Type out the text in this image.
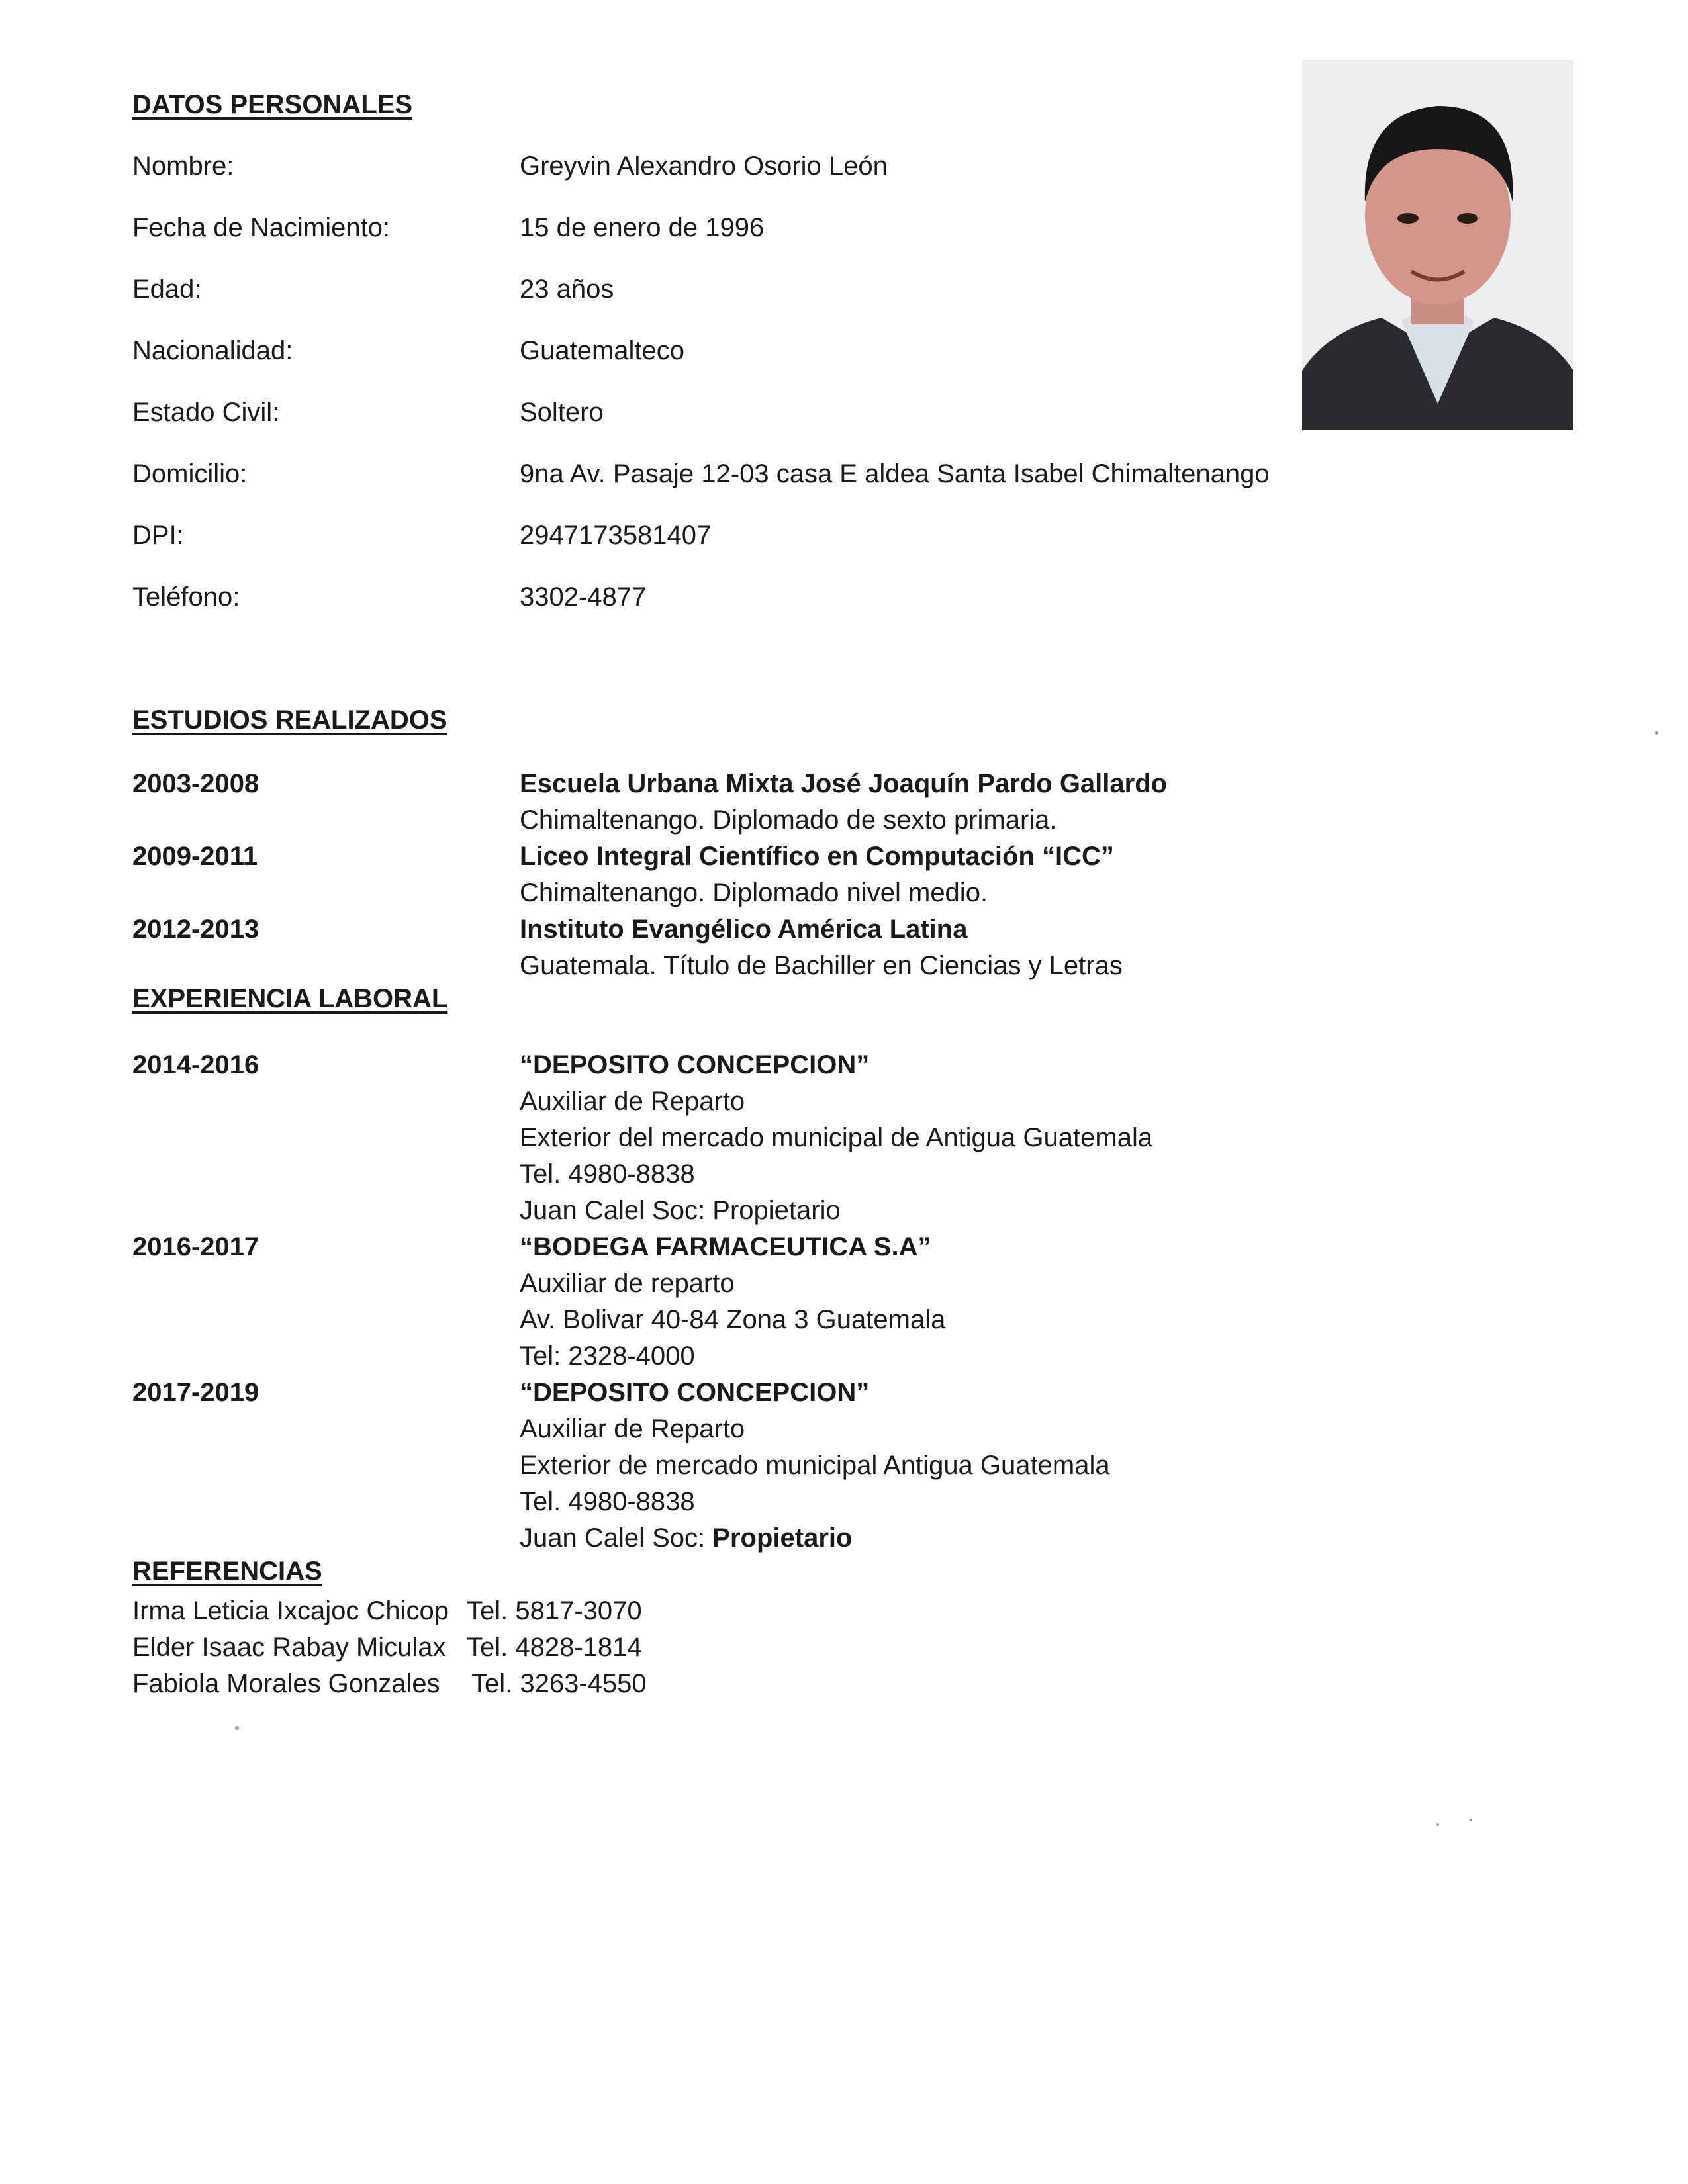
DATOS PERSONALES
Nombre:	Greyvin Alexandro Osorio León
Fecha de Nacimiento:	15 de enero de 1996
Edad:	23 años
Nacionalidad:	Guatemalteco
Estado Civil:	Soltero
Domicilio:	9na Av. Pasaje 12-03 casa E aldea Santa Isabel Chimaltenango
DPI:	2947173581407
Teléfono:	3302-4877
ESTUDIOS REALIZADOS
2003-2008	Escuela Urbana Mixta José Joaquín Pardo Gallardo
Chimaltenango. Diplomado de sexto primaria.
2009-2011	Liceo Integral Científico en Computación “ICC”
Chimaltenango. Diplomado nivel medio.
2012-2013	Instituto Evangélico América Latina
Guatemala. Título de Bachiller en Ciencias y Letras
EXPERIENCIA LABORAL
2014-2016	“DEPOSITO CONCEPCION”
Auxiliar de Reparto
Exterior del mercado municipal de Antigua Guatemala
Tel. 4980-8838
Juan Calel Soc: Propietario
2016-2017	“BODEGA FARMACEUTICA S.A”
Auxiliar de reparto
Av. Bolivar 40-84 Zona 3 Guatemala
Tel: 2328-4000
2017-2019	“DEPOSITO CONCEPCION”
Auxiliar de Reparto
Exterior de mercado municipal Antigua Guatemala
Tel. 4980-8838
Juan Calel Soc: Propietario
REFERENCIAS
Irma Leticia Ixcajoc Chicop Tel. 5817-3070
Elder Isaac Rabay Miculax Tel. 4828-1814
Fabiola Morales Gonzales Tel. 3263-4550
